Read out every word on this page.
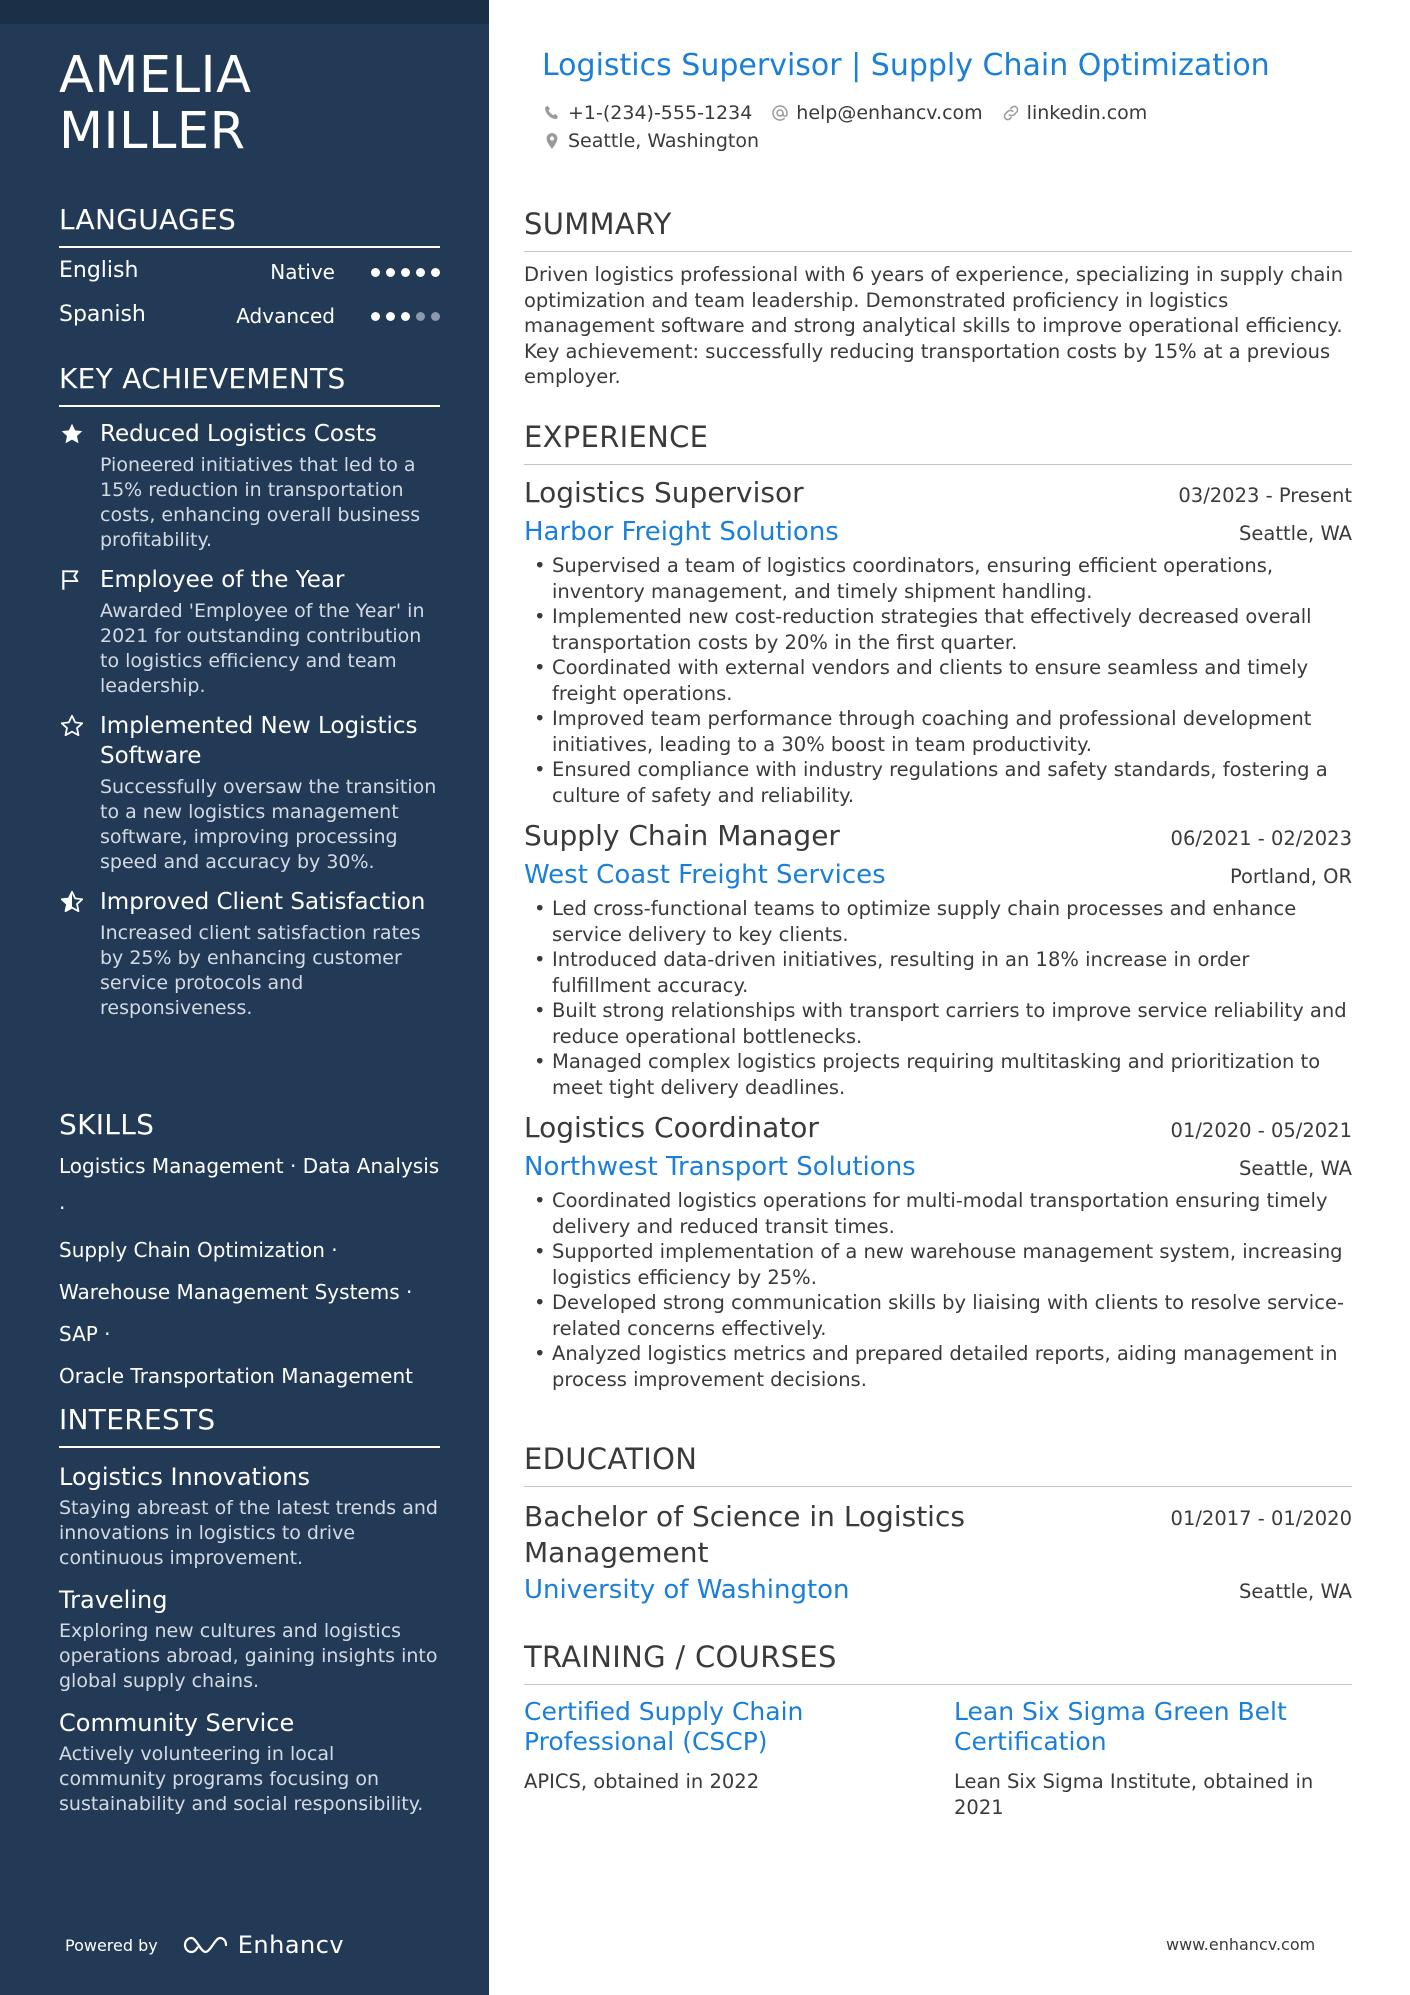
AMELIA
MILLER
LANGUAGES
English	Native
Spanish	Advanced
KEY ACHIEVEMENTS
Reduced Logistics Costs
Pioneered initiatives that led to a 15% reduction in transportation costs, enhancing overall business profitability.
Employee of the Year
Awarded 'Employee of the Year' in 2021 for outstanding contribution to logistics efficiency and team leadership.
Implemented New Logistics Software
Successfully oversaw the transition to a new logistics management software, improving processing speed and accuracy by 30%.
Improved Client Satisfaction
Increased client satisfaction rates by 25% by enhancing customer service protocols and responsiveness.
SKILLS
Logistics Management · Data Analysis ·
Supply Chain Optimization ·
Warehouse Management Systems ·
SAP ·
Oracle Transportation Management
INTERESTS
Logistics Innovations
Staying abreast of the latest trends and innovations in logistics to drive continuous improvement.
Traveling
Exploring new cultures and logistics operations abroad, gaining insights into global supply chains.
Community Service
Actively volunteering in local community programs focusing on sustainability and social responsibility.
Powered by	Enhancv
Logistics Supervisor | Supply Chain Optimization
+1-(234)-555-1234 help@enhancv.com linkedin.com
Seattle, Washington
SUMMARY
Driven logistics professional with 6 years of experience, specializing in supply chain optimization and team leadership. Demonstrated proficiency in logistics management software and strong analytical skills to improve operational efficiency. Key achievement: successfully reducing transportation costs by 15% at a previous employer.
EXPERIENCE
Logistics Supervisor	03/2023 - Present
Harbor Freight Solutions	Seattle, WA
• Supervised a team of logistics coordinators, ensuring efficient operations, inventory management, and timely shipment handling.
• Implemented new cost-reduction strategies that effectively decreased overall transportation costs by 20% in the first quarter.
• Coordinated with external vendors and clients to ensure seamless and timely freight operations.
• Improved team performance through coaching and professional development initiatives, leading to a 30% boost in team productivity.
• Ensured compliance with industry regulations and safety standards, fostering a culture of safety and reliability.
Supply Chain Manager	06/2021 - 02/2023
West Coast Freight Services	Portland, OR
• Led cross-functional teams to optimize supply chain processes and enhance service delivery to key clients.
• Introduced data-driven initiatives, resulting in an 18% increase in order fulfillment accuracy.
• Built strong relationships with transport carriers to improve service reliability and reduce operational bottlenecks.
• Managed complex logistics projects requiring multitasking and prioritization to meet tight delivery deadlines.
Logistics Coordinator	01/2020 - 05/2021
Northwest Transport Solutions	Seattle, WA
• Coordinated logistics operations for multi-modal transportation ensuring timely delivery and reduced transit times.
• Supported implementation of a new warehouse management system, increasing logistics efficiency by 25%.
• Developed strong communication skills by liaising with clients to resolve service-related concerns effectively.
• Analyzed logistics metrics and prepared detailed reports, aiding management in process improvement decisions.
EDUCATION
Bachelor of Science in Logistics Management
01/2017 - 01/2020
University of Washington	Seattle, WA
TRAINING / COURSES
Certified Supply Chain Professional (CSCP)
APICS, obtained in 2022
Lean Six Sigma Green Belt Certification
Lean Six Sigma Institute, obtained in 2021
www.enhancv.com
